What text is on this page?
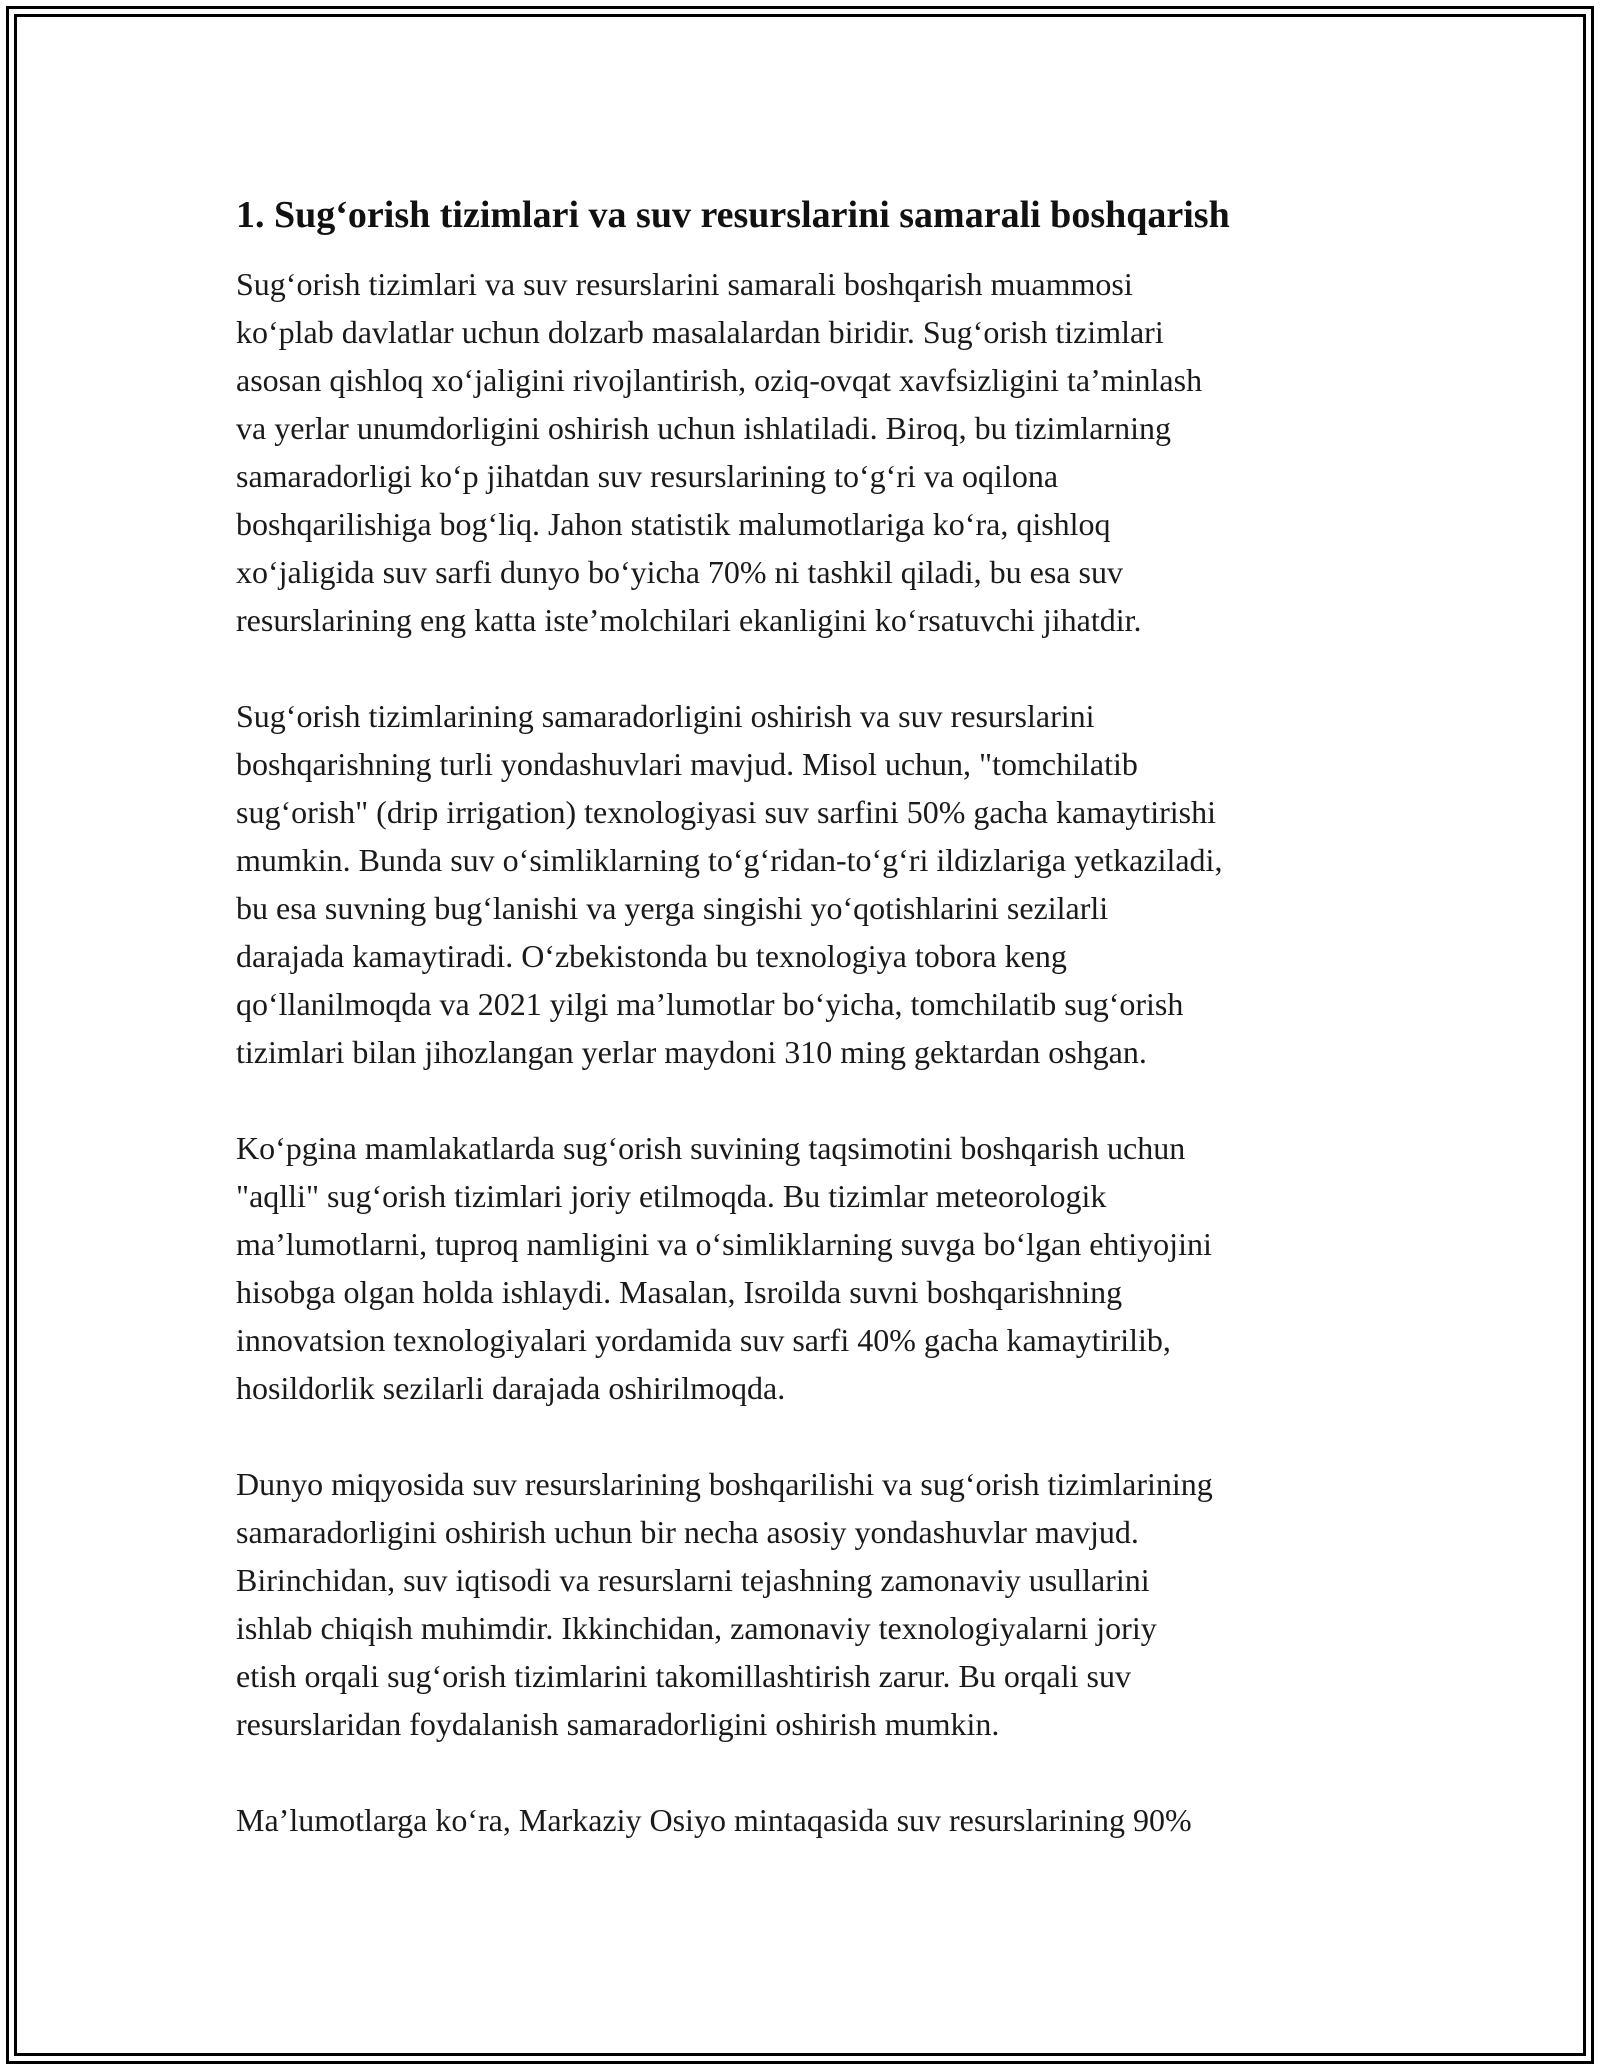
1. Sug‘orish tizimlari va suv resurslarini samarali boshqarish

Sug‘orish tizimlari va suv resurslarini samarali boshqarish muammosi
ko‘plab davlatlar uchun dolzarb masalalardan biridir. Sug‘orish tizimlari
asosan qishloq xo‘jaligini rivojlantirish, oziq-ovqat xavfsizligini ta’minlash
va yerlar unumdorligini oshirish uchun ishlatiladi. Biroq, bu tizimlarning
samaradorligi ko‘p jihatdan suv resurslarining to‘g‘ri va oqilona
boshqarilishiga bog‘liq. Jahon statistik malumotlariga ko‘ra, qishloq
xo‘jaligida suv sarfi dunyo bo‘yicha 70% ni tashkil qiladi, bu esa suv
resurslarining eng katta iste’molchilari ekanligini ko‘rsatuvchi jihatdir.

Sug‘orish tizimlarining samaradorligini oshirish va suv resurslarini
boshqarishning turli yondashuvlari mavjud. Misol uchun, "tomchilatib
sug‘orish" (drip irrigation) texnologiyasi suv sarfini 50% gacha kamaytirishi
mumkin. Bunda suv o‘simliklarning to‘g‘ridan-to‘g‘ri ildizlariga yetkaziladi,
bu esa suvning bug‘lanishi va yerga singishi yo‘qotishlarini sezilarli
darajada kamaytiradi. O‘zbekistonda bu texnologiya tobora keng
qo‘llanilmoqda va 2021 yilgi ma’lumotlar bo‘yicha, tomchilatib sug‘orish
tizimlari bilan jihozlangan yerlar maydoni 310 ming gektardan oshgan.

Ko‘pgina mamlakatlarda sug‘orish suvining taqsimotini boshqarish uchun
"aqlli" sug‘orish tizimlari joriy etilmoqda. Bu tizimlar meteorologik
ma’lumotlarni, tuproq namligini va o‘simliklarning suvga bo‘lgan ehtiyojini
hisobga olgan holda ishlaydi. Masalan, Isroilda suvni boshqarishning
innovatsion texnologiyalari yordamida suv sarfi 40% gacha kamaytirilib,
hosildorlik sezilarli darajada oshirilmoqda.

Dunyo miqyosida suv resurslarining boshqarilishi va sug‘orish tizimlarining
samaradorligini oshirish uchun bir necha asosiy yondashuvlar mavjud.
Birinchidan, suv iqtisodi va resurslarni tejashning zamonaviy usullarini
ishlab chiqish muhimdir. Ikkinchidan, zamonaviy texnologiyalarni joriy
etish orqali sug‘orish tizimlarini takomillashtirish zarur. Bu orqali suv
resurslaridan foydalanish samaradorligini oshirish mumkin.

Ma’lumotlarga ko‘ra, Markaziy Osiyo mintaqasida suv resurslarining 90%
